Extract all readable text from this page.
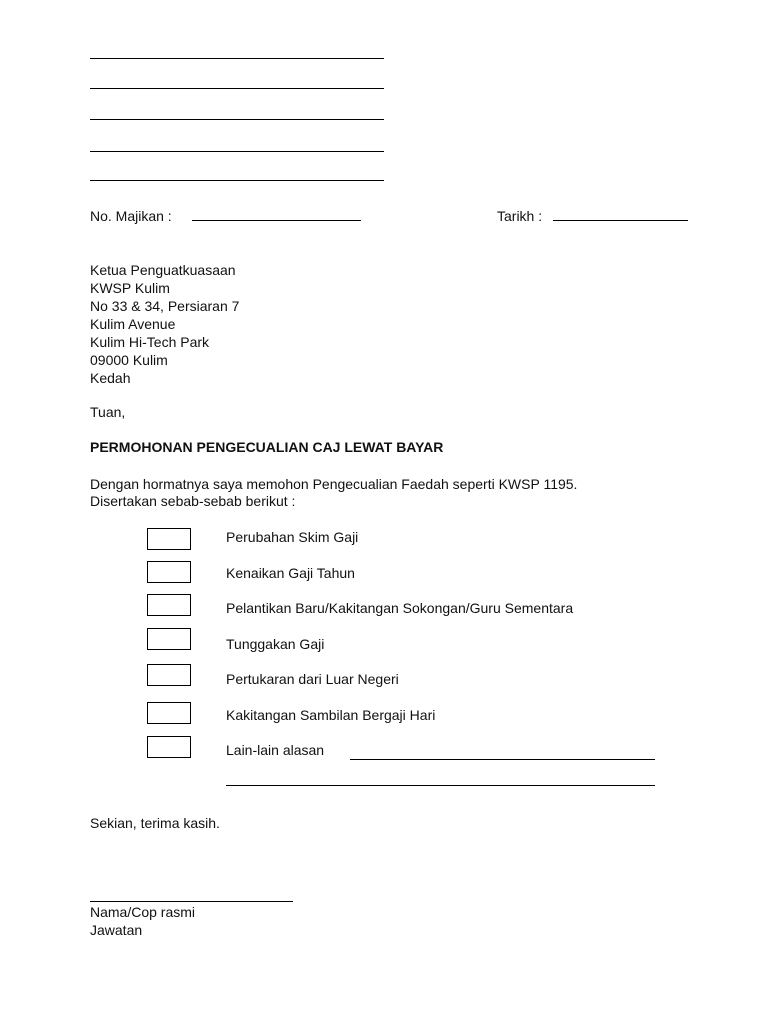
No. Majikan :	Tarikh :
Ketua Penguatkuasaan
KWSP Kulim
No 33 & 34, Persiaran 7
Kulim Avenue
Kulim Hi-Tech Park
09000 Kulim
Kedah
Tuan,
PERMOHONAN PENGECUALIAN CAJ LEWAT BAYAR
Dengan hormatnya saya memohon Pengecualian Faedah seperti KWSP 1195.
Disertakan sebab-sebab berikut :
Perubahan Skim Gaji
Kenaikan Gaji Tahun
Pelantikan Baru/Kakitangan Sokongan/Guru Sementara
Tunggakan Gaji
Pertukaran dari Luar Negeri
Kakitangan Sambilan Bergaji Hari
Lain-lain alasan
Sekian, terima kasih.
Nama/Cop rasmi
Jawatan
